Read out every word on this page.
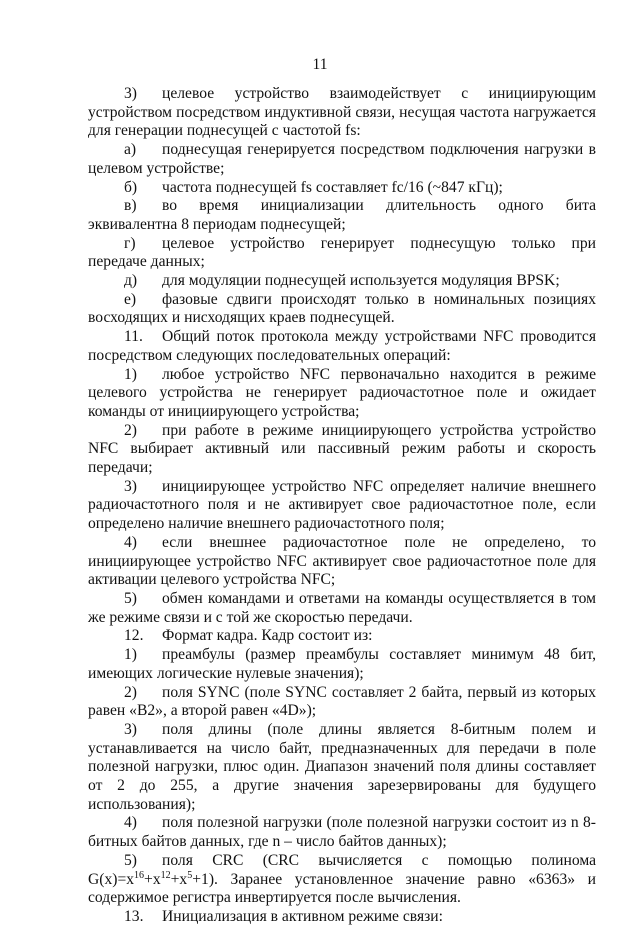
11

3) целевое устройство взаимодействует с инициирующим устройством посредством индуктивной связи, несущая частота нагружается для генерации поднесущей с частотой fs:

а) поднесущая генерируется посредством подключения нагрузки в целевом устройстве;

б) частота поднесущей fs составляет fc/16 (~847 кГц);

в) во время инициализации длительность одного бита эквивалентна 8 периодам поднесущей;

г) целевое устройство генерирует поднесущую только при передаче данных;

д) для модуляции поднесущей используется модуляция BPSK;

е) фазовые сдвиги происходят только в номинальных позициях восходящих и нисходящих краев поднесущей.

11. Общий поток протокола между устройствами NFC проводится посредством следующих последовательных операций:

1) любое устройство NFC первоначально находится в режиме целевого устройства не генерирует радиочастотное поле и ожидает команды от инициирующего устройства;

2) при работе в режиме инициирующего устройства устройство NFC выбирает активный или пассивный режим работы и скорость передачи;

3) инициирующее устройство NFC определяет наличие внешнего радиочастотного поля и не активирует свое радиочастотное поле, если определено наличие внешнего радиочастотного поля;

4) если внешнее радиочастотное поле не определено, то инициирующее устройство NFC активирует свое радиочастотное поле для активации целевого устройства NFC;

5) обмен командами и ответами на команды осуществляется в том же режиме связи и с той же скоростью передачи.

12. Формат кадра. Кадр состоит из:

1) преамбулы (размер преамбулы составляет минимум 48 бит, имеющих логические нулевые значения);

2) поля SYNC (поле SYNC составляет 2 байта, первый из которых равен «B2», а второй равен «4D»);

3) поля длины (поле длины является 8-битным полем и устанавливается на число байт, предназначенных для передачи в поле полезной нагрузки, плюс один. Диапазон значений поля длины составляет от 2 до 255, а другие значения зарезервированы для будущего использования);

4) поля полезной нагрузки (поле полезной нагрузки состоит из n 8-битных байтов данных, где n – число байтов данных);

5) поля CRC (CRC вычисляется с помощью полинома $G(x)=x^{16}+x^{12}+x^5+1$). Заранее установленное значение равно «6363» и содержимое регистра инвертируется после вычисления.

13. Инициализация в активном режиме связи:
